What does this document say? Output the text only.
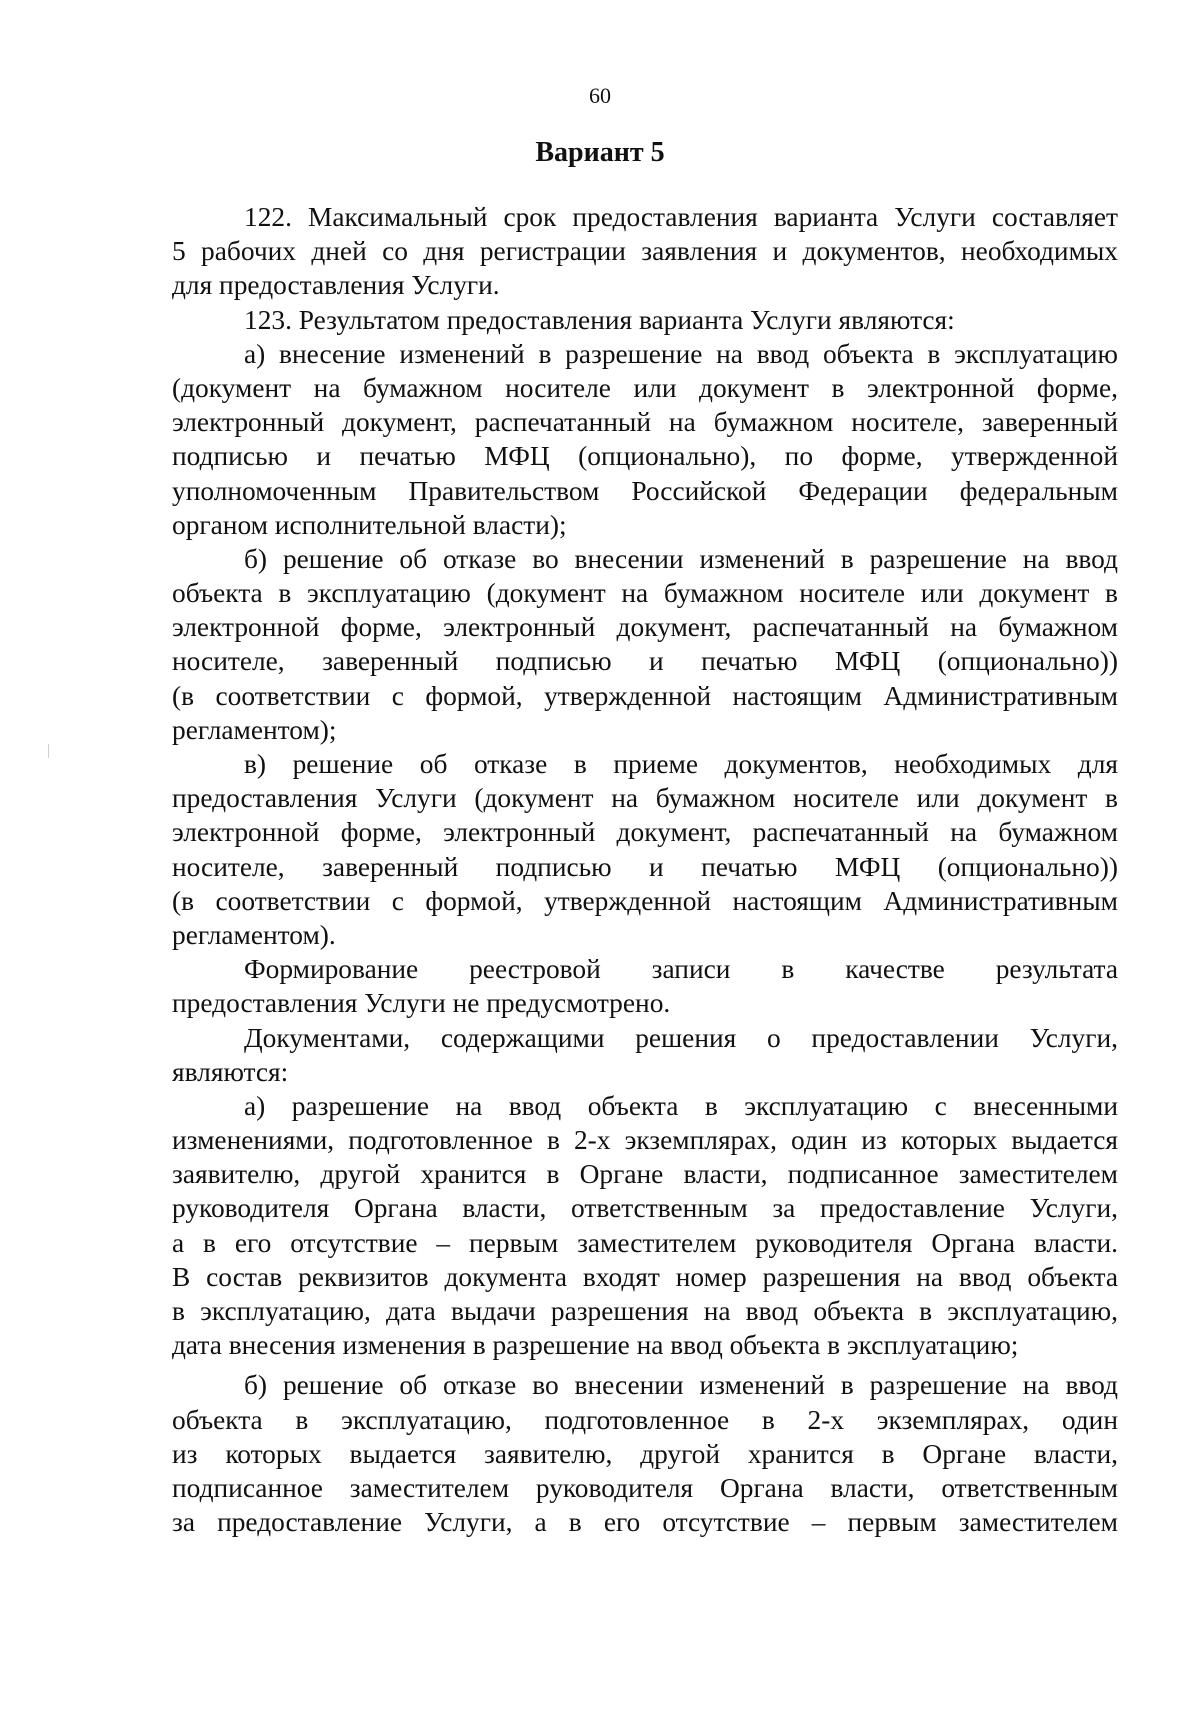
60
Вариант 5
122. Максимальный срок предоставления варианта Услуги составляет
5 рабочих дней со дня регистрации заявления и документов, необходимых
для предоставления Услуги.
123. Результатом предоставления варианта Услуги являются:
а) внесение изменений в разрешение на ввод объекта в эксплуатацию
(документ на бумажном носителе или документ в электронной форме,
электронный документ, распечатанный на бумажном носителе, заверенный
подписью и печатью МФЦ (опционально), по форме, утвержденной
уполномоченным Правительством Российской Федерации федеральным
органом исполнительной власти);
б) решение об отказе во внесении изменений в разрешение на ввод
объекта в эксплуатацию (документ на бумажном носителе или документ в
электронной форме, электронный документ, распечатанный на бумажном
носителе, заверенный подписью и печатью МФЦ (опционально))
(в соответствии с формой, утвержденной настоящим Административным
регламентом);
в) решение об отказе в приеме документов, необходимых для
предоставления Услуги (документ на бумажном носителе или документ в
электронной форме, электронный документ, распечатанный на бумажном
носителе, заверенный подписью и печатью МФЦ (опционально))
(в соответствии с формой, утвержденной настоящим Административным
регламентом).
Формирование реестровой записи в качестве результата
предоставления Услуги не предусмотрено.
Документами, содержащими решения о предоставлении Услуги,
являются:
а) разрешение на ввод объекта в эксплуатацию с внесенными
изменениями, подготовленное в 2-х экземплярах, один из которых выдается
заявителю, другой хранится в Органе власти, подписанное заместителем
руководителя Органа власти, ответственным за предоставление Услуги,
а в его отсутствие – первым заместителем руководителя Органа власти.
В состав реквизитов документа входят номер разрешения на ввод объекта
в эксплуатацию, дата выдачи разрешения на ввод объекта в эксплуатацию,
дата внесения изменения в разрешение на ввод объекта в эксплуатацию;
б) решение об отказе во внесении изменений в разрешение на ввод
объекта в эксплуатацию, подготовленное в 2-х экземплярах, один
из которых выдается заявителю, другой хранится в Органе власти,
подписанное заместителем руководителя Органа власти, ответственным
за предоставление Услуги, а в его отсутствие – первым заместителем
